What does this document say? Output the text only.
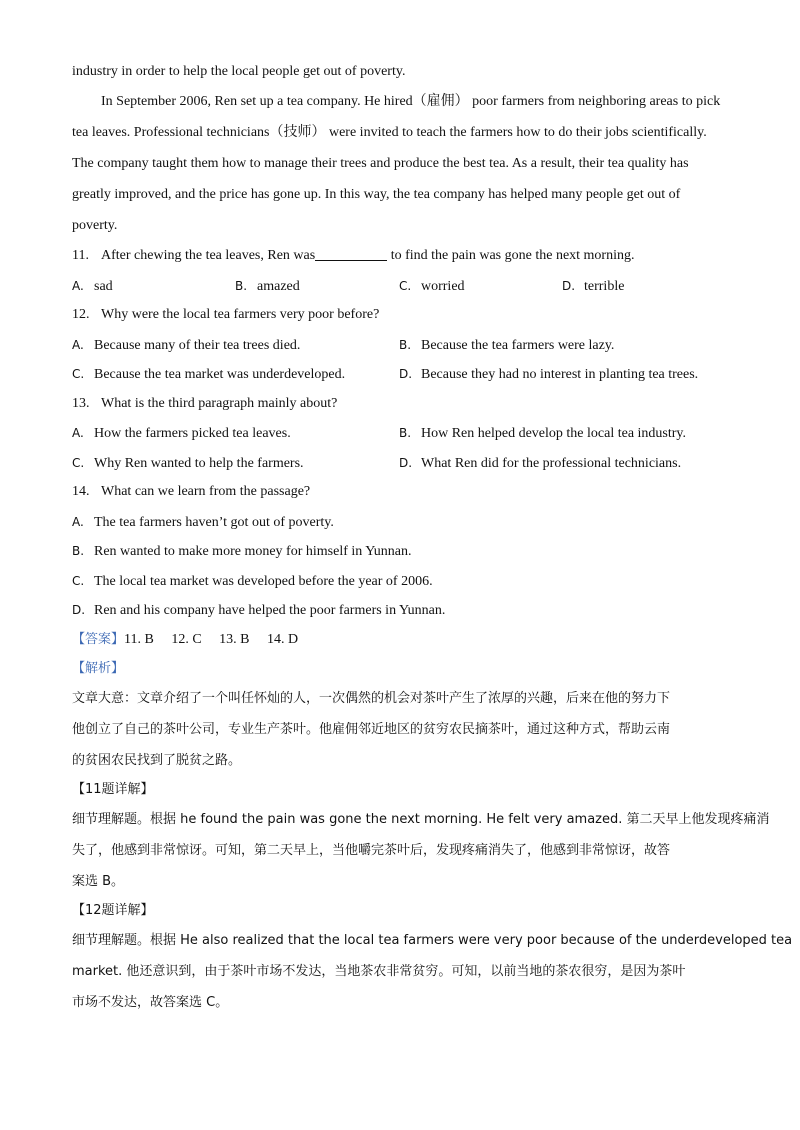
industry in order to help the local people get out of poverty.
In September 2006, Ren set up a tea company. He hired（雇佣） poor farmers from neighboring areas to pick
tea leaves. Professional technicians（技师） were invited to teach the farmers how to do their jobs scientifically.
The company taught them how to manage their trees and produce the best tea. As a result, their tea quality has
greatly improved, and the price has gone up. In this way, the tea company has helped many people get out of
poverty.
11. After chewing the tea leaves, Ren was	to find the pain was gone the next morning.
A. sad	B. amazed	C. worried	D. terrible
12. Why were the local tea farmers very poor before?
A. Because many of their tea trees died.	B. Because the tea farmers were lazy.
C. Because the tea market was underdeveloped.	D. Because they had no interest in planting tea trees.
13. What is the third paragraph mainly about?
A. How the farmers picked tea leaves.	B. How Ren helped develop the local tea industry.
C. Why Ren wanted to help the farmers.	D. What Ren did for the professional technicians.
14. What can we learn from the passage?
A. The tea farmers haven’t got out of poverty.
B. Ren wanted to make more money for himself in Yunnan.
C. The local tea market was developed before the year of 2006.
D. Ren and his company have helped the poor farmers in Yunnan.
【答案】11. B     12. C     13. B     14. D
【解析】
文章大意：文章介绍了一个叫任怀灿的人，一次偶然的机会对茶叶产生了浓厚的兴趣，后来在他的努力下
他创立了自己的茶叶公司，专业生产茶叶。他雇佣邻近地区的贫穷农民摘茶叶，通过这种方式，帮助云南
的贫困农民找到了脱贫之路。
【11题详解】
细节理解题。根据 he found the pain was gone the next morning. He felt very amazed. 第二天早上他发现疼痛消
失了，他感到非常惊讶。可知，第二天早上，当他嚼完茶叶后，发现疼痛消失了，他感到非常惊讶，故答
案选 B。
【12题详解】
细节理解题。根据 He also realized that the local tea farmers were very poor because of the underdeveloped tea
market. 他还意识到，由于茶叶市场不发达，当地茶农非常贫穷。可知，以前当地的茶农很穷，是因为茶叶
市场不发达，故答案选 C。
